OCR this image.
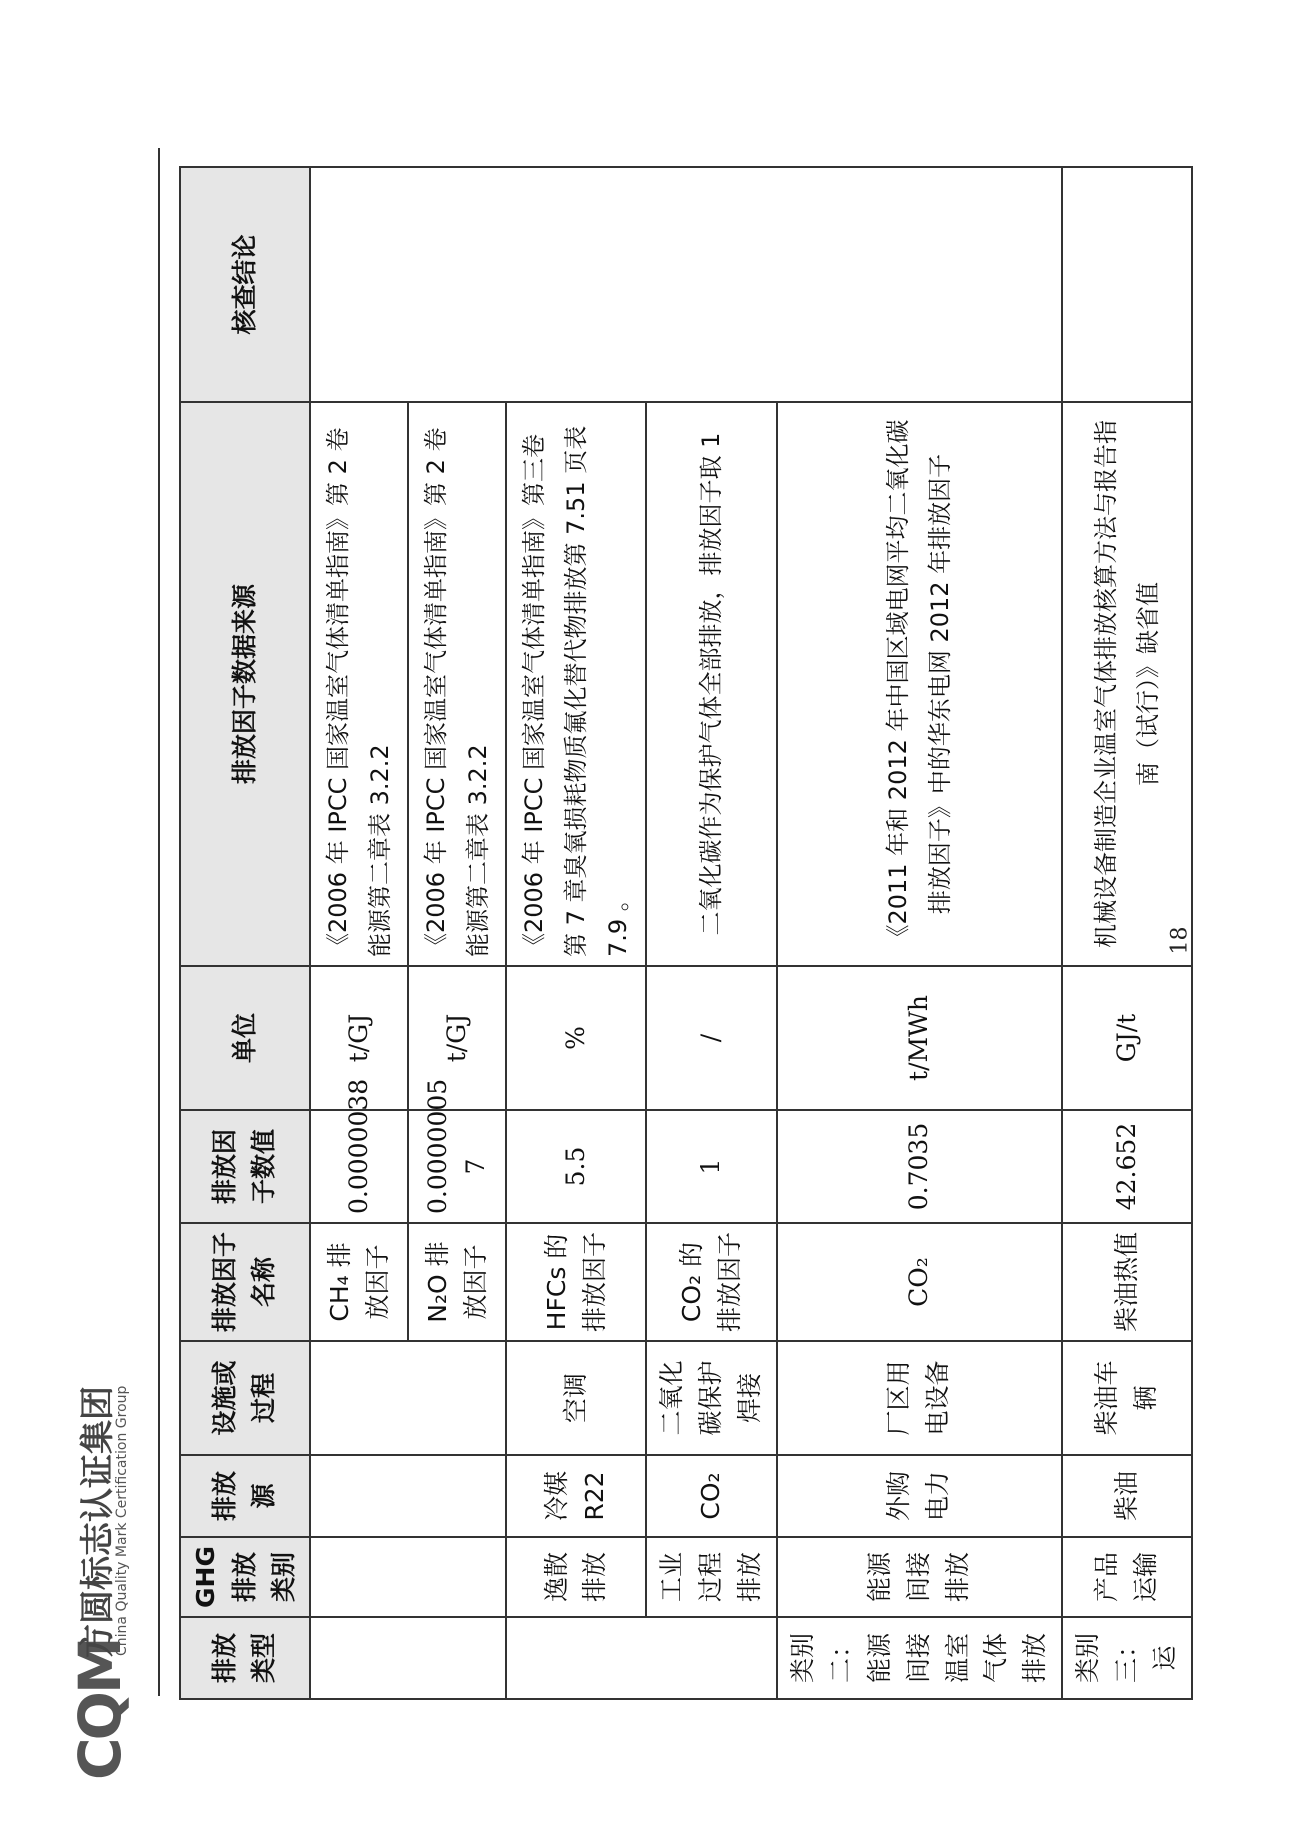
CQM
方圆标志认证集团
China Quality Mark Certification Group
排放类型	GHG排放类别	排放源	设施或过程	排放因子名称	排放因子数值	单位	排放因子数据来源	核查结论
				CH₄ 排放因子	0.0000038	t/GJ	《2006 年 IPCC 国家温室气体清单指南》第 2 卷能源第二章表 3.2.2	
				N₂O 排放因子	0.0000005 7	t/GJ	《2006 年 IPCC 国家温室气体清单指南》第 2 卷能源第二章表 3.2.2	
	逸散排放	冷媒 R22	空调	HFCs 的排放因子	5.5	%	《2006 年 IPCC 国家温室气体清单指南》第三卷第 7 章臭氧损耗物质氟化替代物排放第 7.51 页表 7.9 。	
	工业过程排放	CO₂	二氧化碳保护焊接	CO₂ 的排放因子	1	/	二氧化碳作为保护气体全部排放，排放因子取 1	
类别二：能源间接温室气体排放	能源间接排放	外购电力	厂区用电设备	CO₂	0.7035	t/MWh	《2011 年和 2012 年中国区域电网平均二氧化碳排放因子》中的华东电网 2012 年排放因子	
类别三：运	产品运输	柴油	柴油车辆	柴油热值	42.652	GJ/t	机械设备制造企业温室气体排放核算方法与报告指南（试行）》缺省值	
18
